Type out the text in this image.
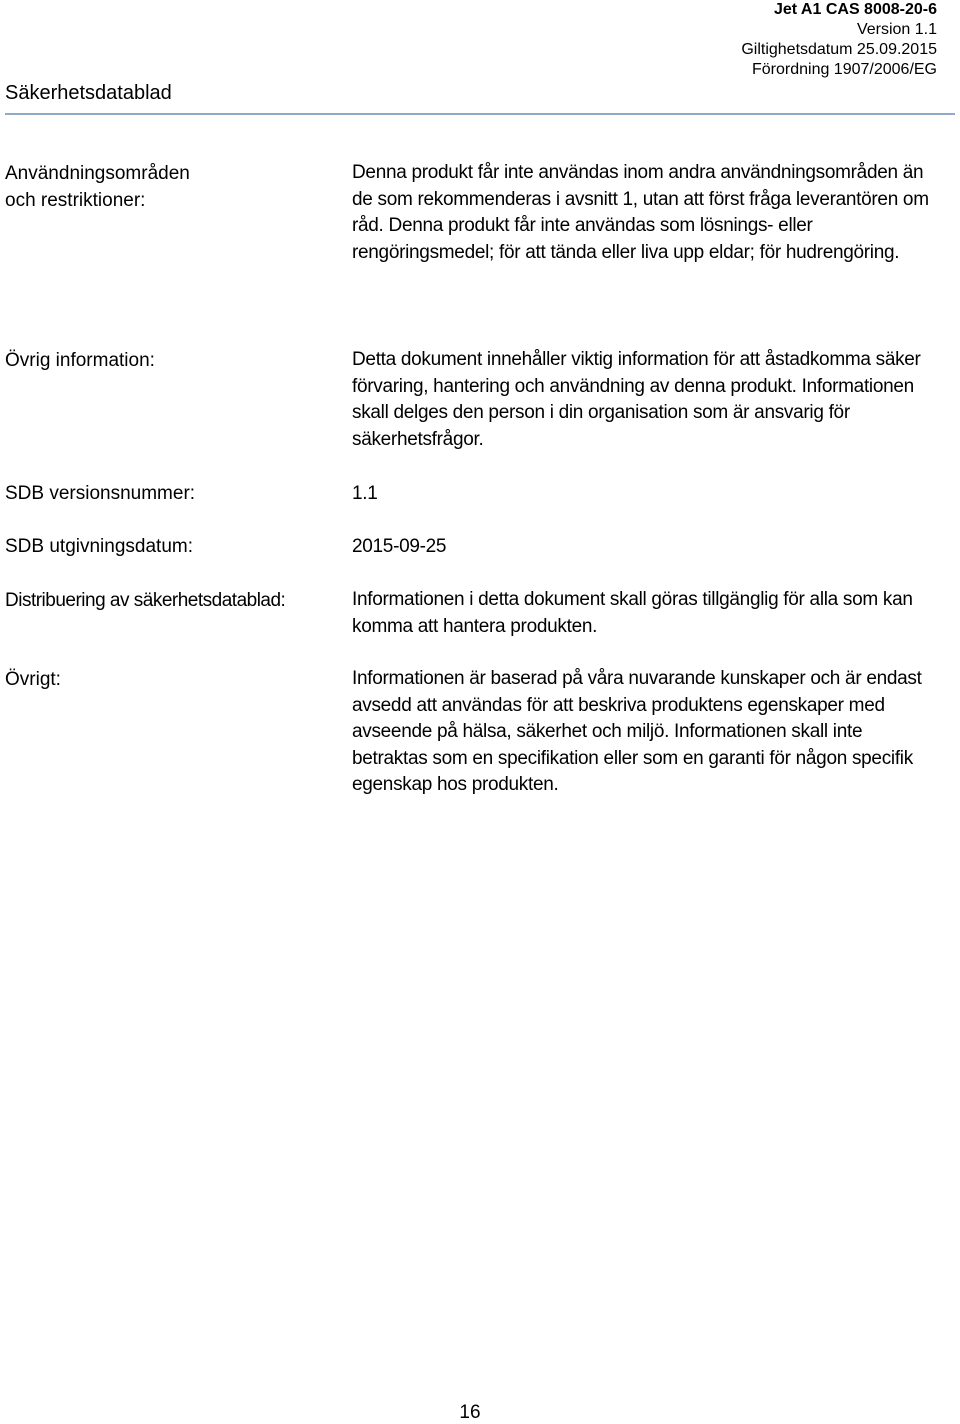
Jet A1 CAS 8008-20-6
Version 1.1
Giltighetsdatum 25.09.2015
Förordning 1907/2006/EG
Säkerhetsdatablad
Användningsområden
och restriktioner:
Denna produkt får inte användas inom andra användningsområden än de som rekommenderas i avsnitt 1, utan att först fråga leverantören om råd. Denna produkt får inte användas som lösnings- eller rengöringsmedel; för att tända eller liva upp eldar; för hudrengöring.
Övrig information:	Detta dokument innehåller viktig information för att åstadkomma säker förvaring, hantering och användning av denna produkt. Informationen skall delges den person i din organisation som är ansvarig för säkerhetsfrågor.
SDB versionsnummer:	1.1
SDB utgivningsdatum:	2015-09-25
Distribuering av säkerhetsdatablad:	Informationen i detta dokument skall göras tillgänglig för alla som kan komma att hantera produkten.
Övrigt:	Informationen är baserad på våra nuvarande kunskaper och är endast avsedd att användas för att beskriva produktens egenskaper med avseende på hälsa, säkerhet och miljö. Informationen skall inte betraktas som en specifikation eller som en garanti för någon specifik egenskap hos produkten.
16
